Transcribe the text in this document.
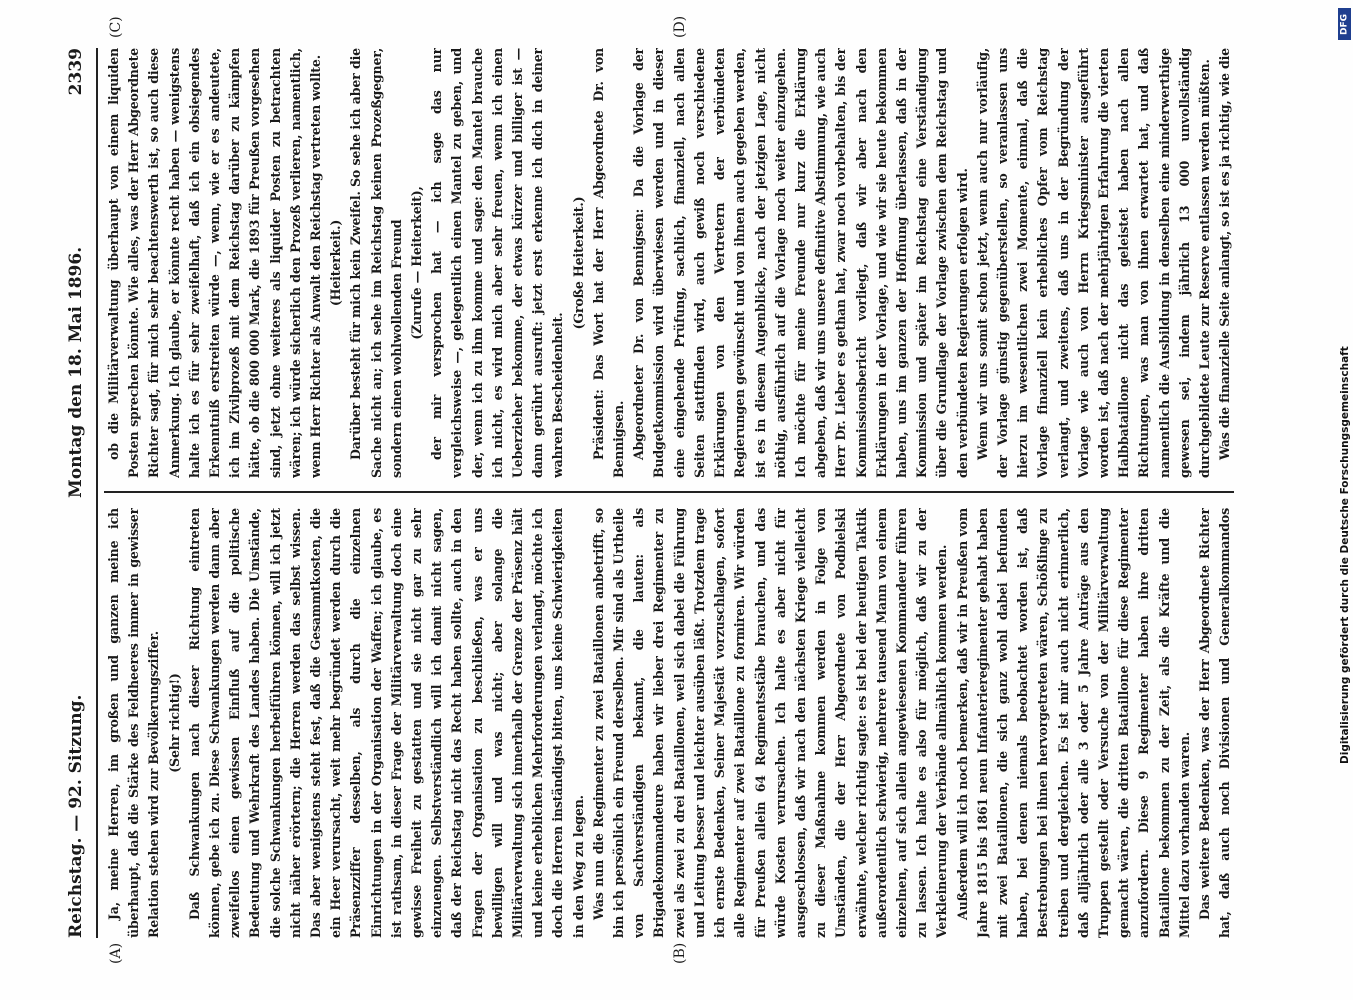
Reichstag. — 92. Sitzung.
Montag den 18. Mai 1896.
2339

Ja, meine Herren, im großen und ganzen meine ich überhaupt, daß die Stärke des Feldheeres immer in gewisser Relation stehen wird zur Bevölkerungsziffer. (Sehr richtig!) Daß Schwankungen nach dieser Richtung eintreten können, gebe ich zu. Diese Schwankungen werden dann aber zweifellos einen gewissen Einfluß auf die politische Bedeutung und Wehrkraft des Landes haben. Die Umstände, die solche Schwankungen herbeiführen können, will ich jetzt nicht näher erörtern; die Herren werden das selbst wissen. Das aber wenigstens steht fest, daß die Gesammtkosten, die ein Heer verursacht, weit mehr begründet werden durch die Präsenzziffer desselben, als durch die einzelnen Einrichtungen in der Organisation der Waffen; ich glaube, es ist rathsam, in dieser Frage der Militärverwaltung doch eine gewisse Freiheit zu gestatten und sie nicht gar zu sehr einzuengen. Selbstverständlich will ich damit nicht sagen, daß der Reichstag nicht das Recht haben sollte, auch in den Fragen der Organisation zu beschließen, was er uns bewilligen will und was nicht; aber solange die Militärverwaltung sich innerhalb der Grenze der Präsenz hält und keine erheblichen Mehrforderungen verlangt, möchte ich doch die Herren inständigst bitten, uns keine Schwierigkeiten in den Weg zu legen. Was nun die Regimenter zu zwei Bataillonen anbetrifft, so bin ich persönlich ein Freund derselben. Mir sind als Urtheile von Sachverständigen bekannt, die lauten: als Brigadekommandeure haben wir lieber drei Regimenter zu zwei als zwei zu drei Bataillonen, weil sich dabei die Führung und Leitung besser und leichter ausüben läßt. Trotzdem trage ich ernste Bedenken, Seiner Majestät vorzuschlagen, sofort alle Regimenter auf zwei Bataillone zu formiren. Wir würden für Preußen allein 64 Regimentsstäbe brauchen, und das würde Kosten verursachen. Ich halte es aber nicht für ausgeschlossen, daß wir nach den nächsten Kriege vielleicht zu dieser Maßnahme kommen werden in Folge von Umständen, die der Herr Abgeordnete von Podbielski erwähnte, welcher richtig sagte: es ist bei der heutigen Taktik außerordentlich schwierig, mehrere tausend Mann von einem einzelnen, auf sich allein angewiesenen Kommandeur führen zu lassen. Ich halte es also für möglich, daß wir zu der Verkleinerung der Verbände allmählich kommen werden. Außerdem will ich noch bemerken, daß wir in Preußen vom Jahre 1815 bis 1861 neun Infanterieregimenter gehabt haben mit zwei Bataillonen, die sich ganz wohl dabei befunden haben, bei denen niemals beobachtet worden ist, daß Bestrebungen bei ihnen hervorgetreten wären, Schößlinge zu treiben und dergleichen. Es ist mir auch nicht erinnerlich, daß alljährlich oder alle 3 oder 5 Jahre Anträge aus den Truppen gestellt oder Versuche von der Militärverwaltung gemacht wären, die dritten Bataillone für diese Regimenter anzufordern. Diese 9 Regimenter haben ihre dritten Bataillone bekommen zu der Zeit, als die Kräfte und die Mittel dazu vorhanden waren. Das weitere Bedenken, was der Herr Abgeordnete Richter hat, daß auch noch Divisionen und Generalkommandos

ob die Militärverwaltung überhaupt von einem liquiden Posten sprechen könnte. Wie alles, was der Herr Abgeordnete Richter sagt, für mich sehr beachtenswerth ist, so auch diese Anmerkung. Ich glaube, er könnte recht haben — wenigstens halte ich es für sehr zweifelhaft, daß ich ein obsiegendes Erkenntniß erstreiten würde —, wenn, wie er es andeutete, ich im Zivilprozeß mit dem Reichstag darüber zu kämpfen hätte, ob die 800 000 Mark, die 1893 für Preußen vorgesehen sind, jetzt ohne weiteres als liquider Posten zu betrachten wären; ich würde sicherlich den Prozeß verlieren, namentlich, wenn Herr Richter als Anwalt den Reichstag vertreten wollte. (Heiterkeit.) Darüber besteht für mich kein Zweifel. So sehe ich aber die Sache nicht an; ich sehe im Reichstag keinen Prozeßgegner, sondern einen wohlwollenden Freund (Zurufe — Heiterkeit), der mir versprochen hat — ich sage das nur vergleichsweise —, gelegentlich einen Mantel zu geben, und der, wenn ich zu ihm komme und sage: den Mantel brauche ich nicht, es wird mich aber sehr freuen, wenn ich einen Ueberzieher bekomme, der etwas kürzer und billiger ist — dann gerührt ausruft: jetzt erst erkenne ich dich in deiner wahren Bescheidenheit.

(Große Heiterkeit.) Präsident: Das Wort hat der Herr Abgeordnete Dr. von Bennigsen. Abgeordneter Dr. von Bennigsen: Da die Vorlage der Budgetkommission wird überwiesen werden und in dieser eine eingehende Prüfung, sachlich, finanziell, nach allen Seiten stattfinden wird, auch gewiß noch verschiedene Erklärungen von den Vertretern der verbündeten Regierungen gewünscht und von ihnen auch gegeben werden, ist es in diesem Augenblicke, nach der jetzigen Lage, nicht nöthig, ausführlich auf die Vorlage noch weiter einzugehen. Ich möchte für meine Freunde nur kurz die Erklärung abgeben, daß wir uns unsere definitive Abstimmung, wie auch Herr Dr. Lieber es gethan hat, zwar noch vorbehalten, bis der Kommissionsbericht vorliegt, daß wir aber nach den Erklärungen in der Vorlage, und wie wir sie heute bekommen haben, uns im ganzen der Hoffnung überlassen, daß in der Kommission und später im Reichstag eine Verständigung über die Grundlage der Vorlage zwischen dem Reichstag und den verbündeten Regierungen erfolgen wird. Wenn wir uns somit schon jetzt, wenn auch nur vorläufig, der Vorlage günstig gegenüberstellen, so veranlassen uns hierzu im wesentlichen zwei Momente, einmal, daß die Vorlage finanziell kein erhebliches Opfer vom Reichstag verlangt, und zweitens, daß uns in der Begründung der Vorlage wie auch von Herrn Kriegsminister ausgeführt worden ist, daß nach der mehrjährigen Erfahrung die vierten Halbbataillone nicht das geleistet haben nach allen Richtungen, was man von ihnen erwartet hat, und daß namentlich die Ausbildung in denselben eine minderwerthige gewesen sei, indem jährlich 13 000 unvollständig durchgebildete Leute zur Reserve entlassen werden müßten. Was die finanzielle Seite anlangt, so ist es ja richtig, wie die

(A)	(B)
(C)	(D)	DFG
Digitalisierung gefördert durch die Deutsche Forschungsgemeinschaft
